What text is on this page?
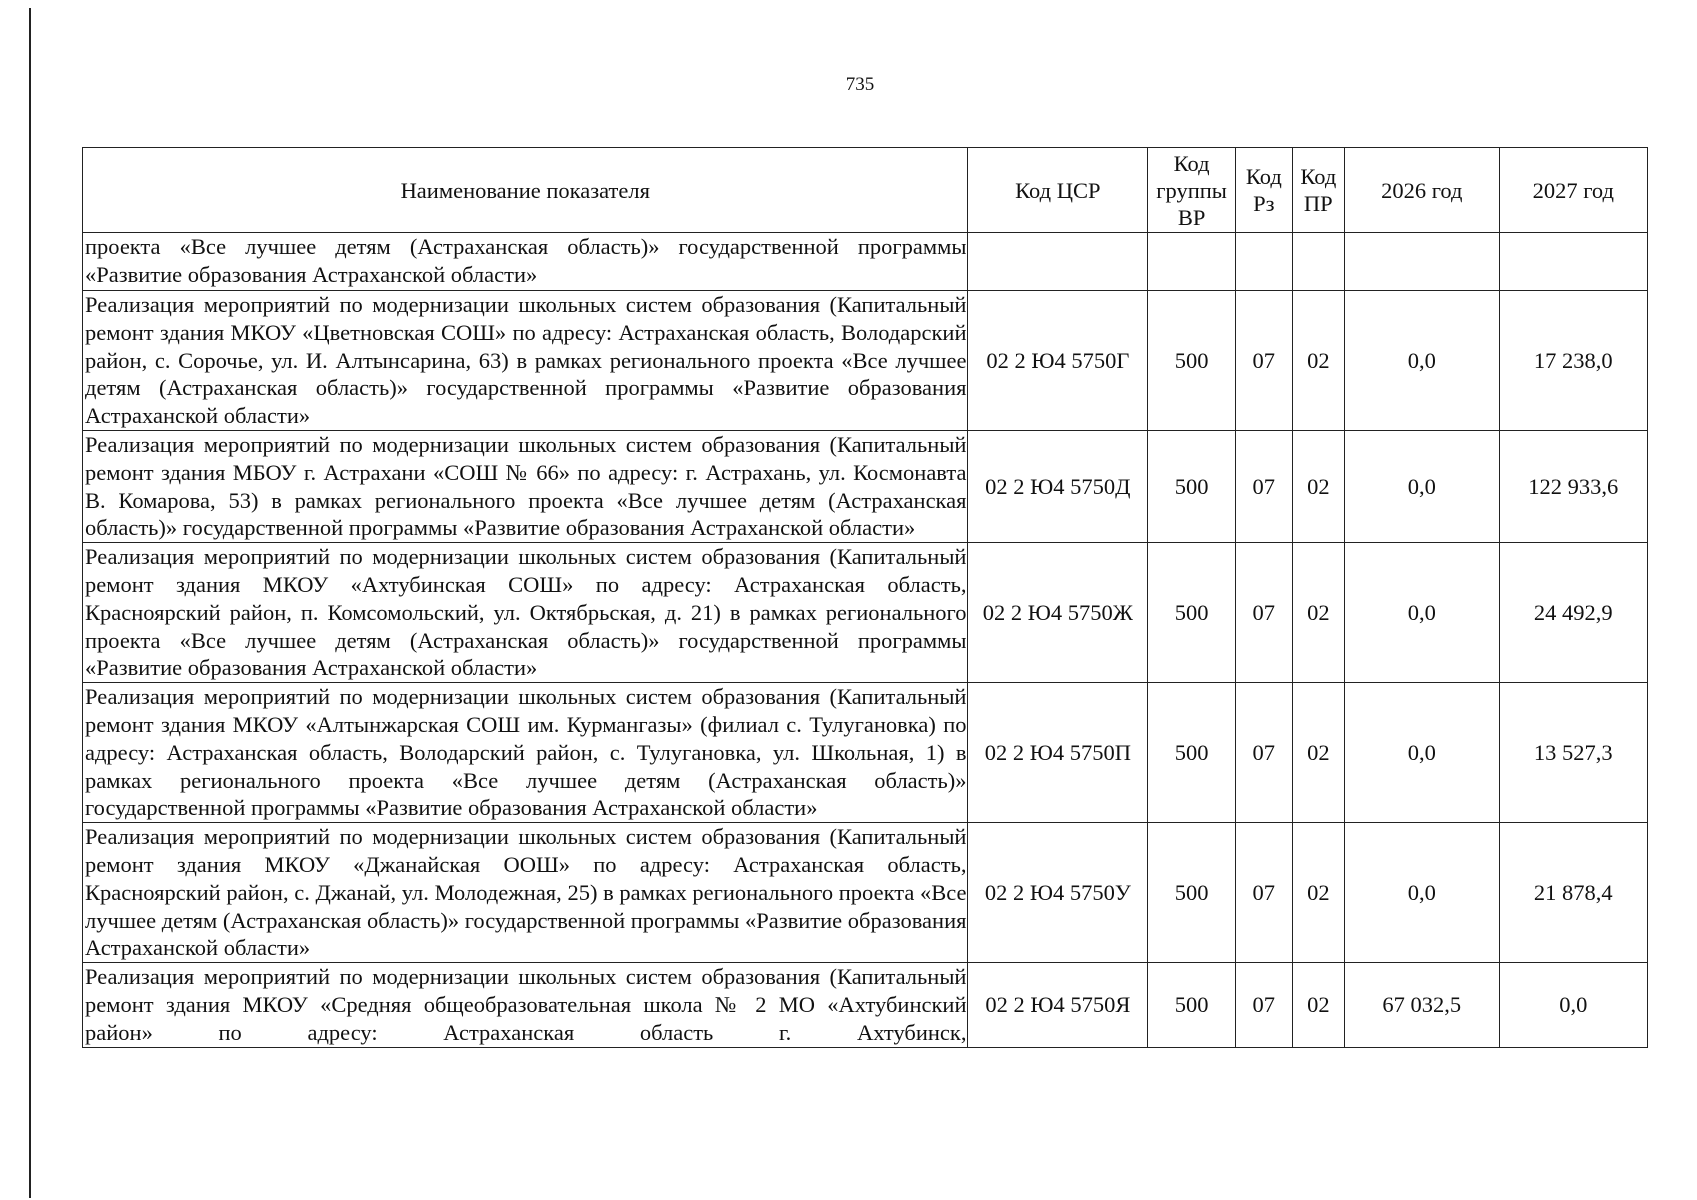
735
Наименование показателя	Код ЦСР	Код группы ВР	Код Рз	Код ПР	2026 год	2027 год
проекта «Все лучшее детям (Астраханская область)» государственной программы «Развитие образования Астраханской области»						
Реализация мероприятий по модернизации школьных систем образования (Капитальный ремонт здания МКОУ «Цветновская СОШ» по адресу: Астраханская область, Володарский район, с. Сорочье, ул. И. Алтынсарина, 63) в рамках регионального проекта «Все лучшее детям (Астраханская область)» государственной программы «Развитие образования Астраханской области»	02 2 Ю4 5750Г	500	07	02	0,0	17 238,0
Реализация мероприятий по модернизации школьных систем образования (Капитальный ремонт здания МБОУ г. Астрахани «СОШ № 66» по адресу: г. Астрахань, ул. Космонавта В. Комарова, 53) в рамках регионального проекта «Все лучшее детям (Астраханская область)» государственной программы «Развитие образования Астраханской области»	02 2 Ю4 5750Д	500	07	02	0,0	122 933,6
Реализация мероприятий по модернизации школьных систем образования (Капитальный ремонт здания МКОУ «Ахтубинская СОШ» по адресу: Астраханская область, Красноярский район, п. Комсомольский, ул. Октябрьская, д. 21) в рамках регионального проекта «Все лучшее детям (Астраханская область)» государственной программы «Развитие образования Астраханской области»	02 2 Ю4 5750Ж	500	07	02	0,0	24 492,9
Реализация мероприятий по модернизации школьных систем образования (Капитальный ремонт здания МКОУ «Алтынжарская СОШ им. Курмангазы» (филиал с. Тулугановка) по адресу: Астраханская область, Володарский район, с. Тулугановка, ул. Школьная, 1) в рамках регионального проекта «Все лучшее детям (Астраханская область)» государственной программы «Развитие образования Астраханской области»	02 2 Ю4 5750П	500	07	02	0,0	13 527,3
Реализация мероприятий по модернизации школьных систем образования (Капитальный ремонт здания МКОУ «Джанайская ООШ» по адресу: Астраханская область, Красноярский район, с. Джанай, ул. Молодежная, 25) в рамках регионального проекта «Все лучшее детям (Астраханская область)» государственной программы «Развитие образования Астраханской области»	02 2 Ю4 5750У	500	07	02	0,0	21 878,4
Реализация мероприятий по модернизации школьных систем образования (Капитальный ремонт здания МКОУ «Средняя общеобразовательная школа № 2 МО «Ахтубинский район» по адресу: Астраханская область г. Ахтубинск,	02 2 Ю4 5750Я	500	07	02	67 032,5	0,0
